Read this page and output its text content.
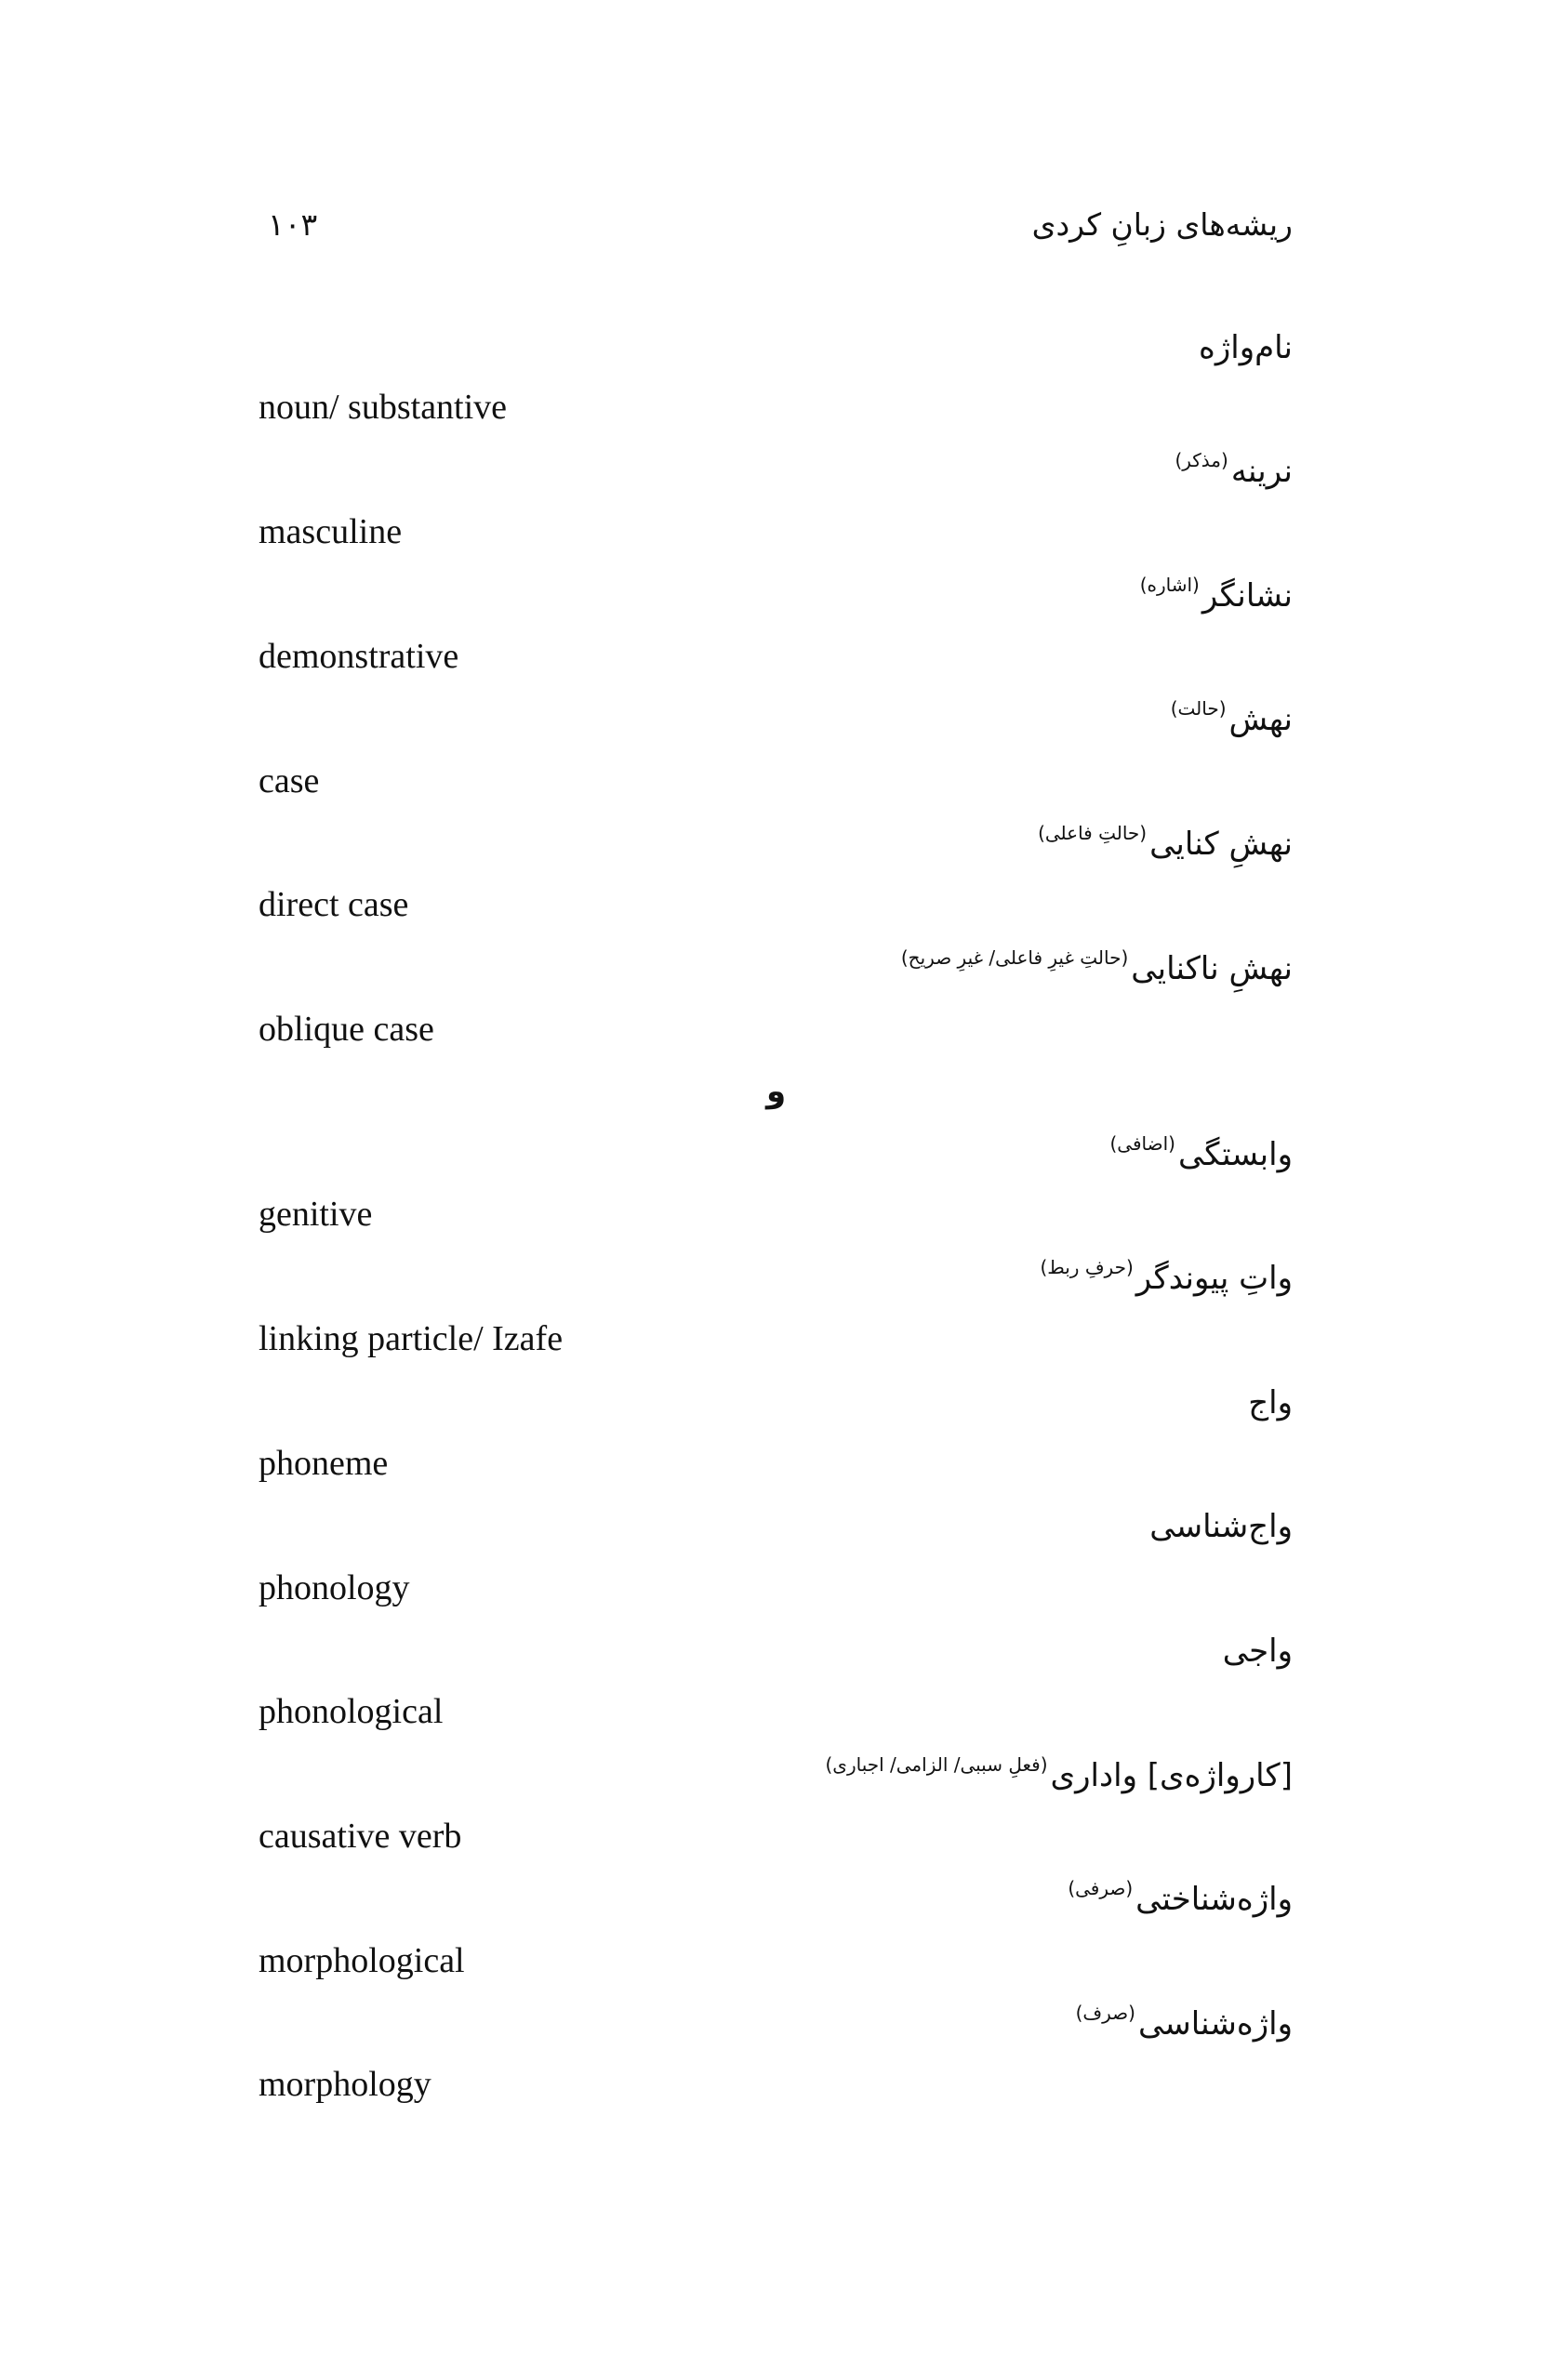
ریشه‌های زبانِ کردی
۱۰۳
نام‌واژه
noun/ substantive
نرینه$^{(مذکر)}$
masculine
نشانگر$^{(اشاره)}$
demonstrative
نهش$^{(حالت)}$
case
نهشِ کنایی$^{(حالتِ فاعلی)}$
direct case
نهشِ ناکنایی$^{(حالتِ غیرِ فاعلی/ غیرِ صریح)}$
oblique case
و
وابستگی$^{(اضافی)}$
genitive
واتِ پیوندگر$^{(حرفِ ربط)}$
linking particle/ Izafe
واج
phoneme
واج‌شناسی
phonology
واجی
phonological
[کارواژه‌ی] واداری$^{(فعلِ سببی/ الزامی/ اجباری)}$
causative verb
واژه‌شناختی$^{(صرفی)}$
morphological
واژه‌شناسی$^{(صرف)}$
morphology
